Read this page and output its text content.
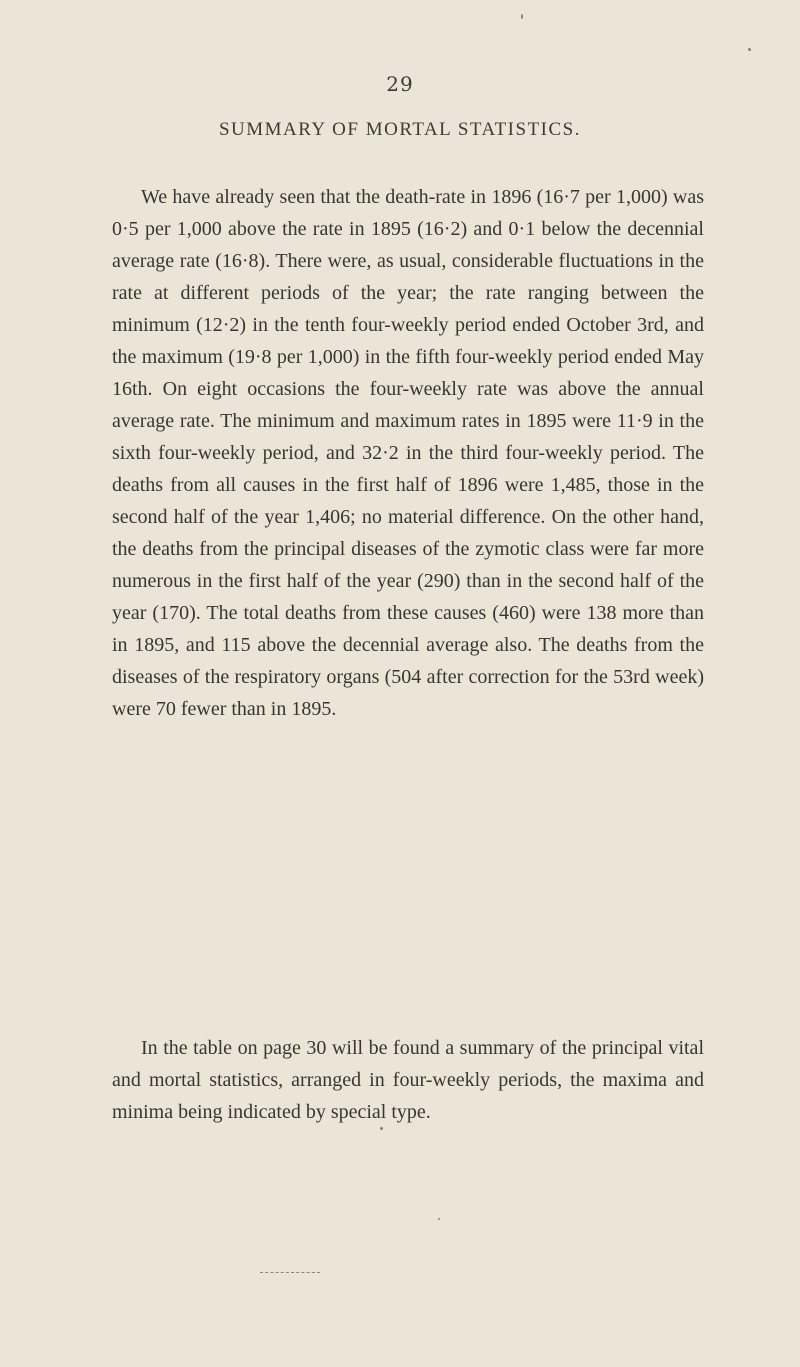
29
SUMMARY OF MORTAL STATISTICS.

We have already seen that the death-rate in 1896 (16·7 per 1,000) was 0·5 per 1,000 above the rate in 1895 (16·2) and 0·1 below the decennial average rate (16·8). There were, as usual, considerable fluctuations in the rate at different periods of the year; the rate ranging between the minimum (12·2) in the tenth four-weekly period ended October 3rd, and the maximum (19·8 per 1,000) in the fifth four-weekly period ended May 16th. On eight occasions the four-weekly rate was above the annual average rate. The minimum and maximum rates in 1895 were 11·9 in the sixth four-weekly period, and 32·2 in the third four-weekly period. The deaths from all causes in the first half of 1896 were 1,485, those in the second half of the year 1,406; no material difference. On the other hand, the deaths from the principal diseases of the zymotic class were far more numerous in the first half of the year (290) than in the second half of the year (170). The total deaths from these causes (460) were 138 more than in 1895, and 115 above the decennial average also. The deaths from the diseases of the respiratory organs (504 after correction for the 53rd week) were 70 fewer than in 1895.

In the table on page 30 will be found a summary of the principal vital and mortal statistics, arranged in four-weekly periods, the maxima and minima being indicated by special type.
